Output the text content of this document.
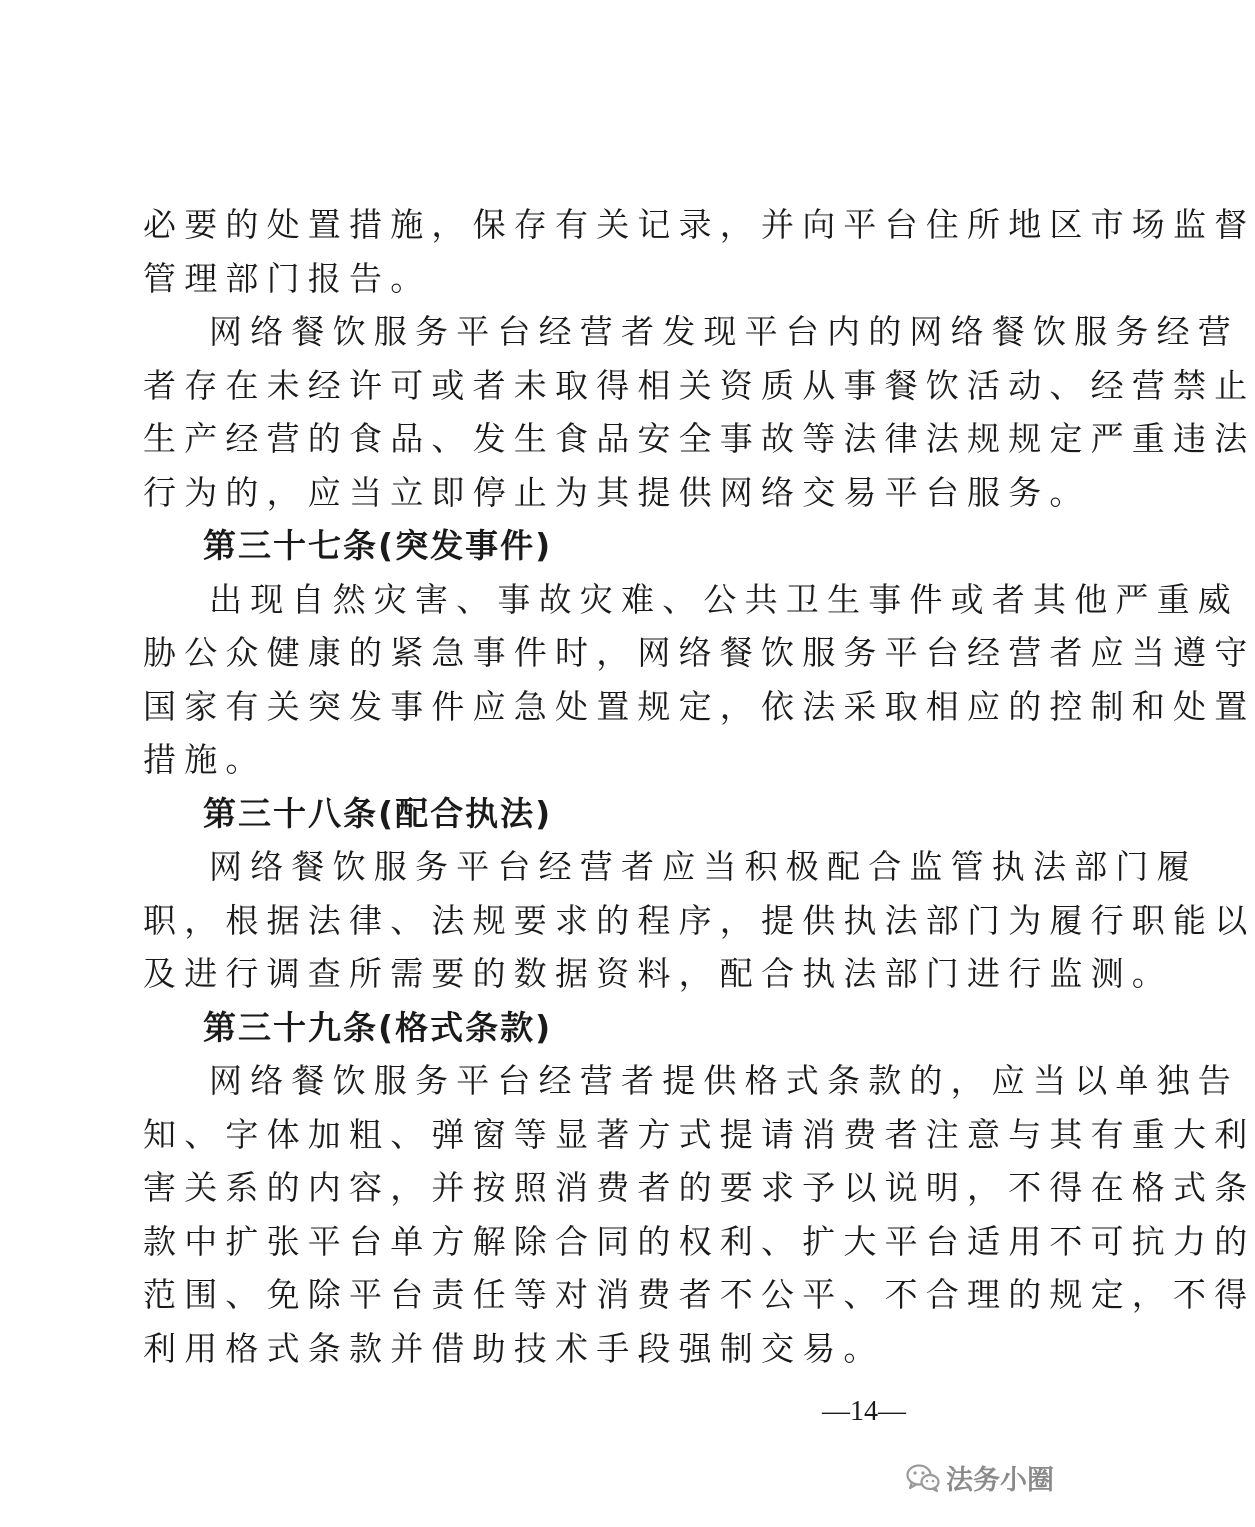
必要的处置措施，保存有关记录，并向平台住所地区市场监督
管理部门报告。
网络餐饮服务平台经营者发现平台内的网络餐饮服务经营
者存在未经许可或者未取得相关资质从事餐饮活动、经营禁止
生产经营的食品、发生食品安全事故等法律法规规定严重违法
行为的，应当立即停止为其提供网络交易平台服务。
第三十七条(突发事件)
出现自然灾害、事故灾难、公共卫生事件或者其他严重威
胁公众健康的紧急事件时，网络餐饮服务平台经营者应当遵守
国家有关突发事件应急处置规定，依法采取相应的控制和处置
措施。
第三十八条(配合执法)
网络餐饮服务平台经营者应当积极配合监管执法部门履
职，根据法律、法规要求的程序，提供执法部门为履行职能以
及进行调查所需要的数据资料，配合执法部门进行监测。
第三十九条(格式条款)
网络餐饮服务平台经营者提供格式条款的，应当以单独告
知、字体加粗、弹窗等显著方式提请消费者注意与其有重大利
害关系的内容，并按照消费者的要求予以说明，不得在格式条
款中扩张平台单方解除合同的权利、扩大平台适用不可抗力的
范围、免除平台责任等对消费者不公平、不合理的规定，不得
利用格式条款并借助技术手段强制交易。
—14—
法务小圈
